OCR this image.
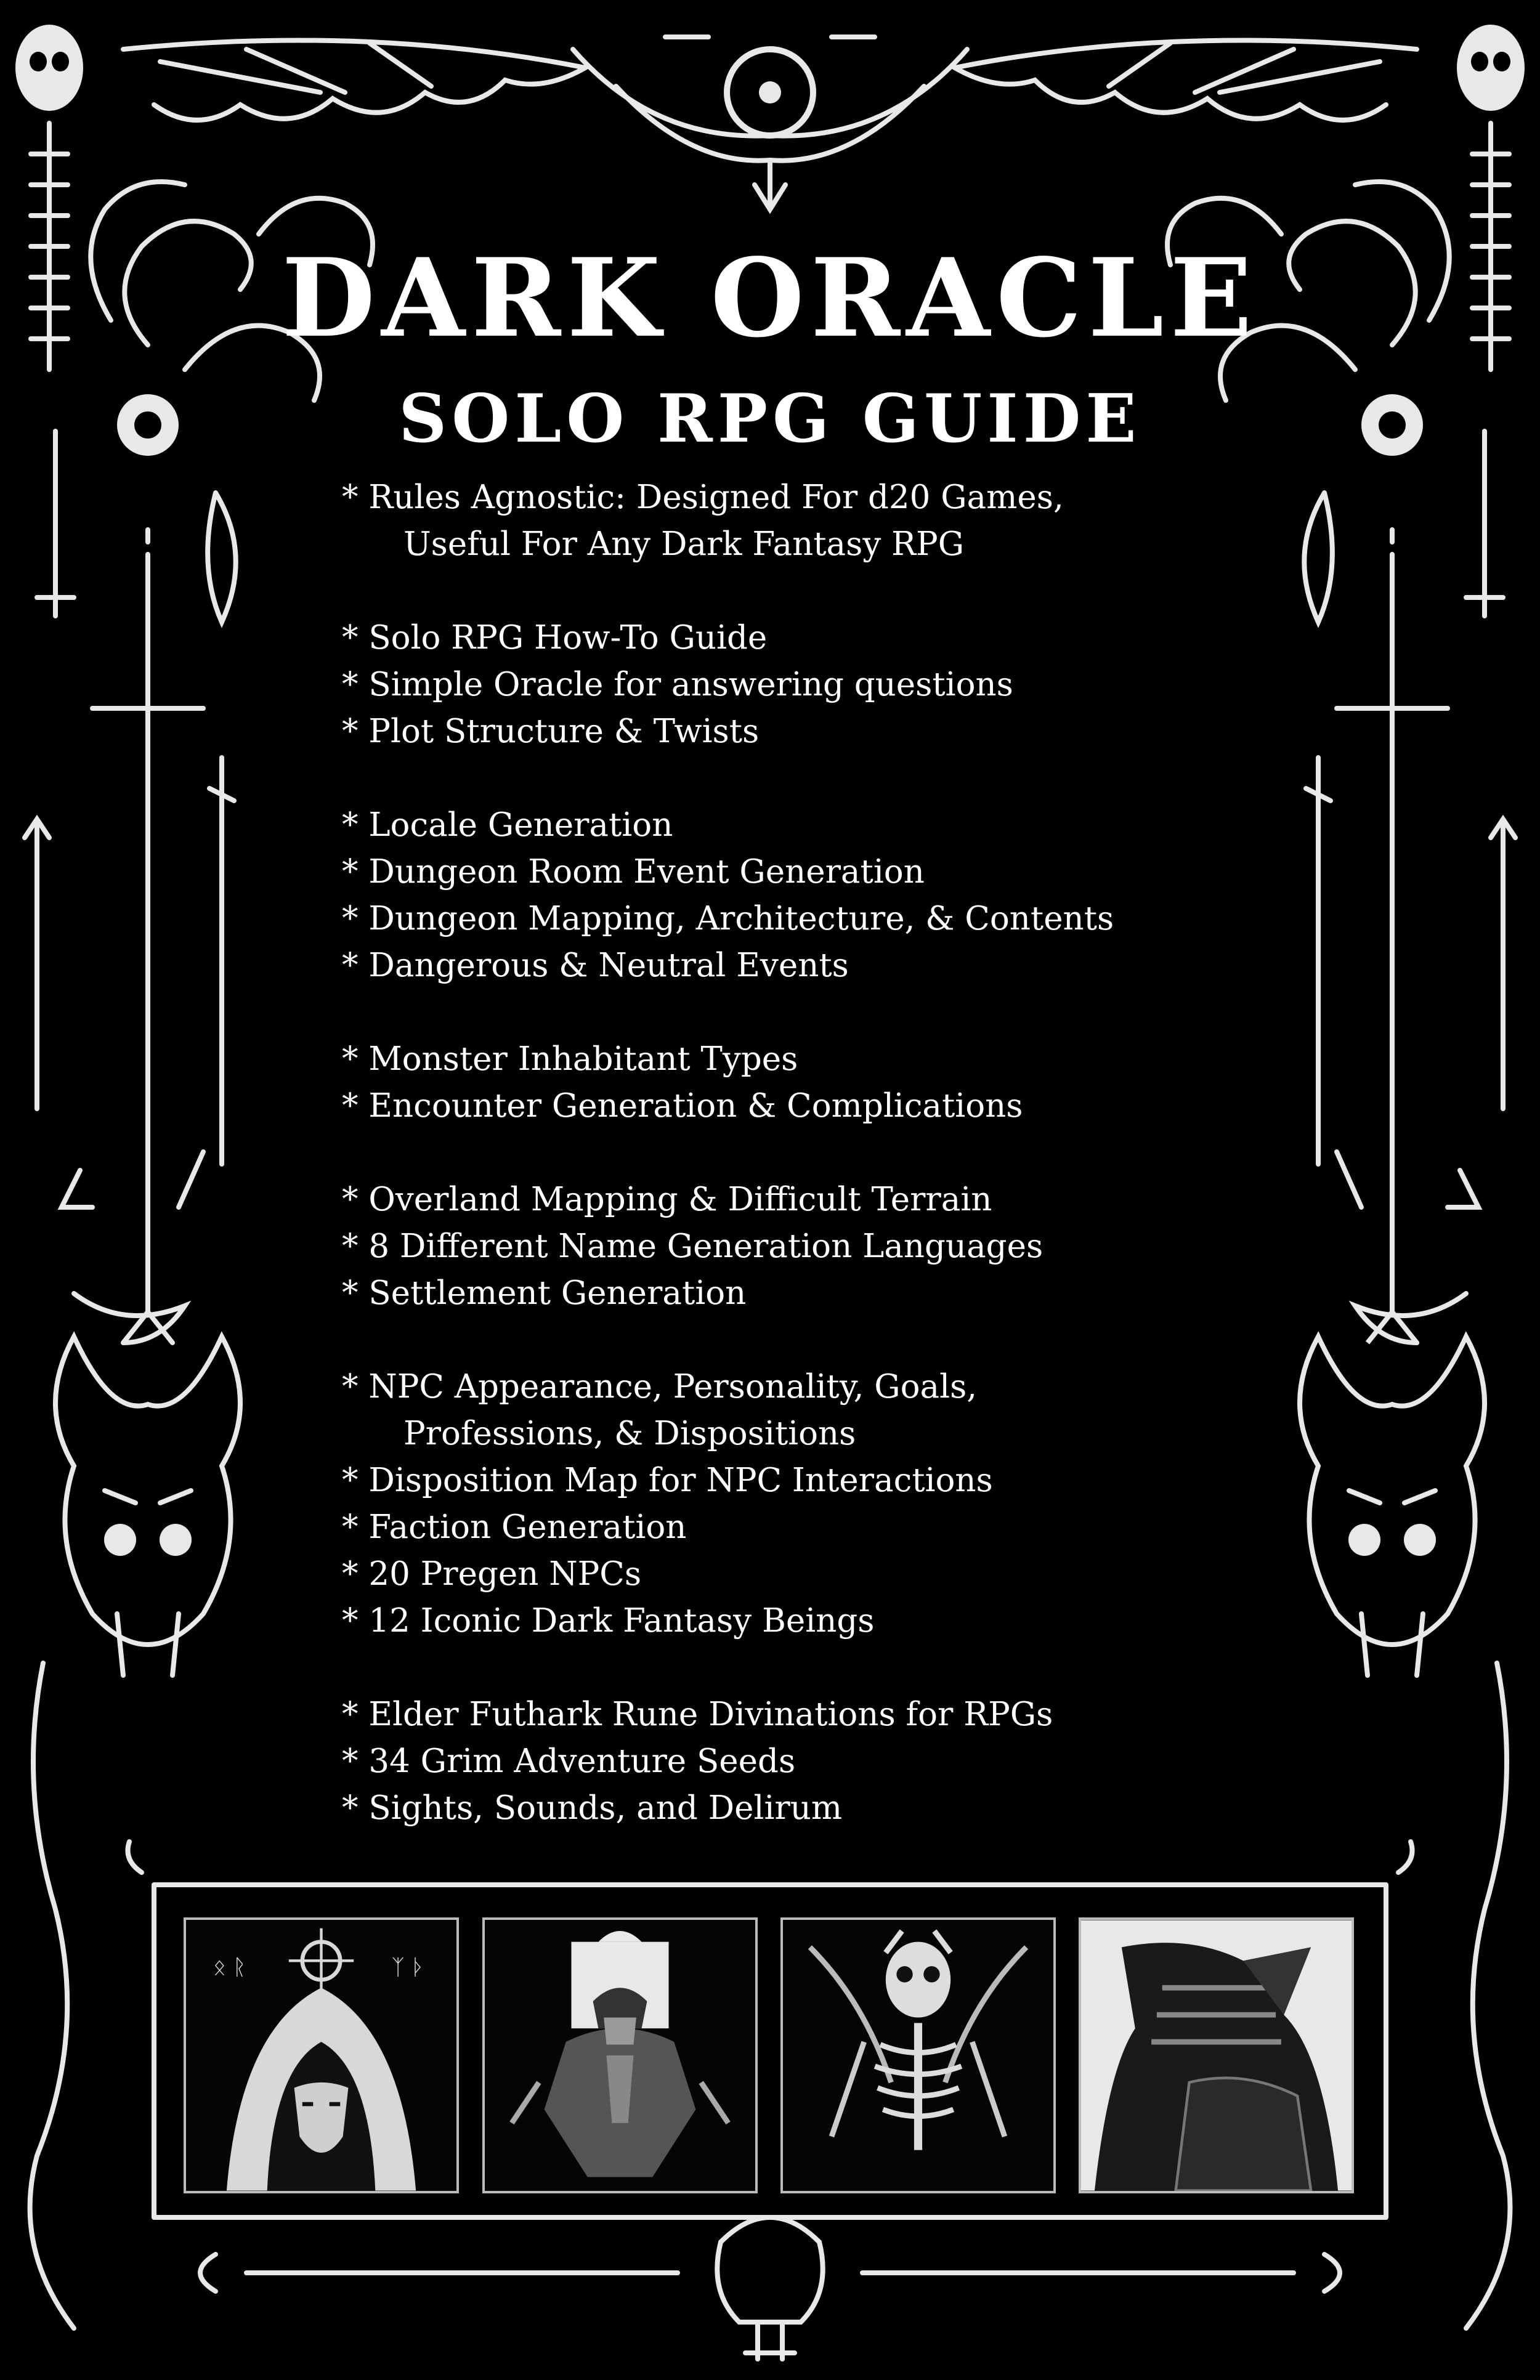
DARK ORACLE
SOLO RPG GUIDE
* Rules Agnostic: Designed For d20 Games,
Useful For Any Dark Fantasy RPG
* Solo RPG How-To Guide
* Simple Oracle for answering questions
* Plot Structure & Twists
* Locale Generation
* Dungeon Room Event Generation
* Dungeon Mapping, Architecture, & Contents
* Dangerous & Neutral Events
* Monster Inhabitant Types
* Encounter Generation & Complications
* Overland Mapping & Difficult Terrain
* 8 Different Name Generation Languages
* Settlement Generation
* NPC Appearance, Personality, Goals,
Professions, & Dispositions
* Disposition Map for NPC Interactions
* Faction Generation
* 20 Pregen NPCs
* 12 Iconic Dark Fantasy Beings
* Elder Futhark Rune Divinations for RPGs
* 34 Grim Adventure Seeds
* Sights, Sounds, and Delirum
ᛟ ᚱ	ᛉ ᚦ
